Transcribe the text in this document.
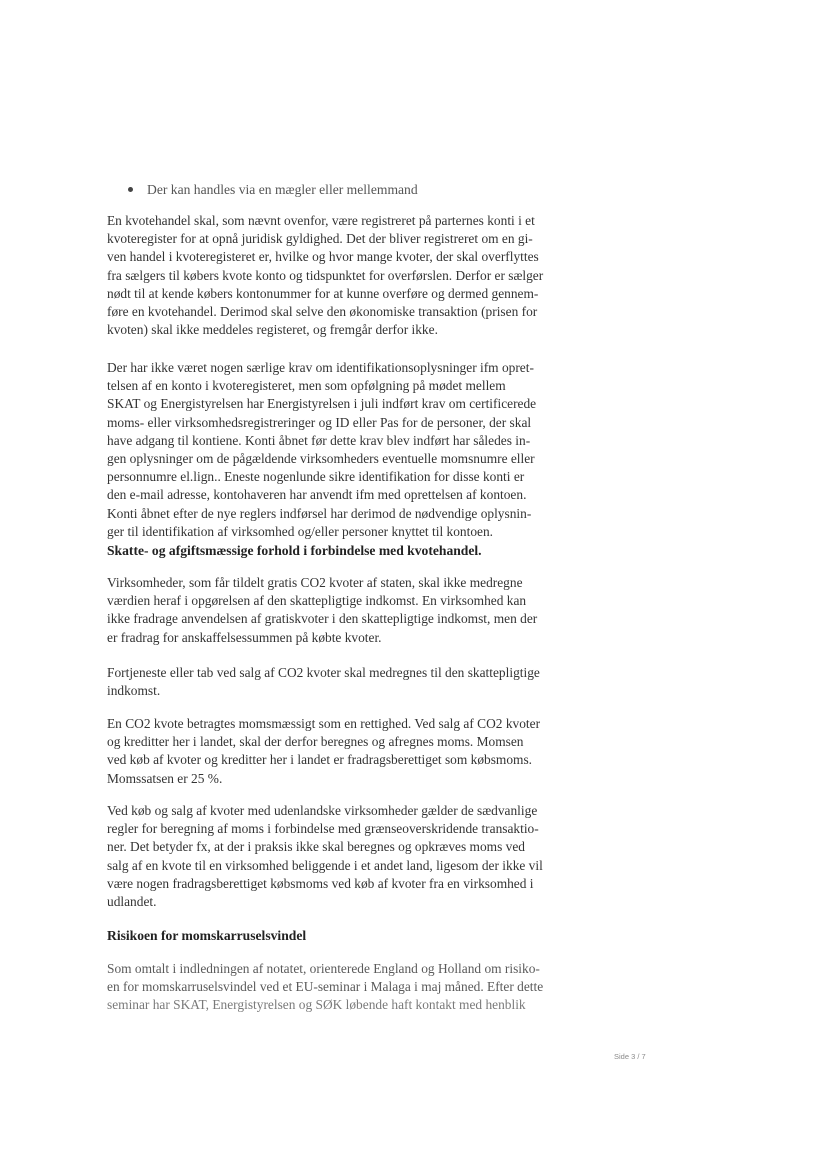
Der kan handles via en mægler eller mellemmand

En kvotehandel skal, som nævnt ovenfor, være registreret på parternes konti i et
kvoteregister for at opnå juridisk gyldighed. Det der bliver registreret om en gi-
ven handel i kvoteregisteret er, hvilke og hvor mange kvoter, der skal overflyttes
fra sælgers til købers kvote konto og tidspunktet for overførslen. Derfor er sælger
nødt til at kende købers kontonummer for at kunne overføre og dermed gennem-
føre en kvotehandel. Derimod skal selve den økonomiske transaktion (prisen for
kvoten) skal ikke meddeles registeret, og fremgår derfor ikke.

Der har ikke været nogen særlige krav om identifikationsoplysninger ifm opret-
telsen af en konto i kvoteregisteret, men som opfølgning på mødet mellem
SKAT og Energistyrelsen har Energistyrelsen i juli indført krav om certificerede
moms- eller virksomhedsregistreringer og ID eller Pas for de personer, der skal
have adgang til kontiene. Konti åbnet før dette krav blev indført har således in-
gen oplysninger om de pågældende virksomheders eventuelle momsnumre eller
personnumre el.lign.. Eneste nogenlunde sikre identifikation for disse konti er
den e-mail adresse, kontohaveren har anvendt ifm med oprettelsen af kontoen.
Konti åbnet efter de nye reglers indførsel har derimod de nødvendige oplysnin-
ger til identifikation af virksomhed og/eller personer knyttet til kontoen.

Skatte- og afgiftsmæssige forhold i forbindelse med kvotehandel.

Virksomheder, som får tildelt gratis CO2 kvoter af staten, skal ikke medregne
værdien heraf i opgørelsen af den skattepligtige indkomst. En virksomhed kan
ikke fradrage anvendelsen af gratiskvoter i den skattepligtige indkomst, men der
er fradrag for anskaffelsessummen på købte kvoter.

Fortjeneste eller tab ved salg af CO2 kvoter skal medregnes til den skattepligtige
indkomst.

En CO2 kvote betragtes momsmæssigt som en rettighed. Ved salg af CO2 kvoter
og kreditter her i landet, skal der derfor beregnes og afregnes moms. Momsen
ved køb af kvoter og kreditter her i landet er fradragsberettiget som købsmoms.
Momssatsen er 25 %.

Ved køb og salg af kvoter med udenlandske virksomheder gælder de sædvanlige
regler for beregning af moms i forbindelse med grænseoverskridende transaktio-
ner. Det betyder fx, at der i praksis ikke skal beregnes og opkræves moms ved
salg af en kvote til en virksomhed beliggende i et andet land, ligesom der ikke vil
være nogen fradragsberettiget købsmoms ved køb af kvoter fra en virksomhed i
udlandet.

Risikoen for momskarruselsvindel

Som omtalt i indledningen af notatet, orienterede England og Holland om risiko-
en for momskarruselsvindel ved et EU-seminar i Malaga i maj måned. Efter dette
seminar har SKAT, Energistyrelsen og SØK løbende haft kontakt med henblik

Side 3 / 7
